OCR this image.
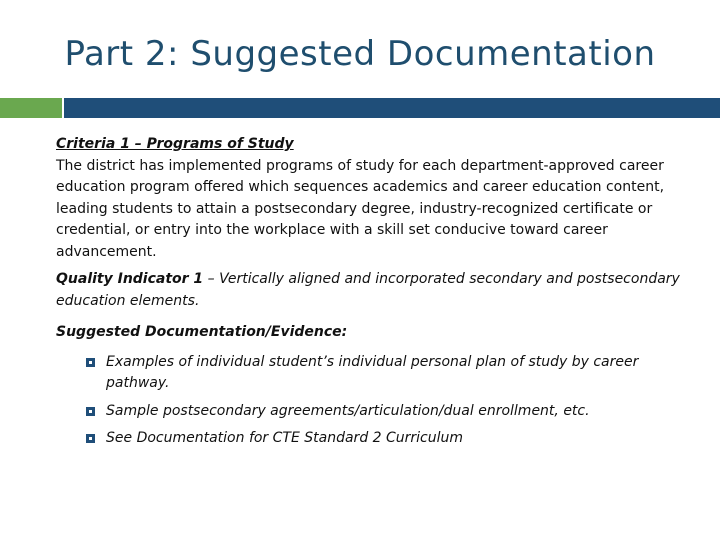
Part 2: Suggested Documentation
Criteria 1 – Programs of Study
The district has implemented programs of study for each department-approved career education program offered which sequences academics and career education content, leading students to attain a postsecondary degree, industry-recognized certificate or credential, or entry into the workplace with a skill set conducive toward career advancement.
Quality Indicator 1 – Vertically aligned and incorporated secondary and postsecondary education elements.
Suggested Documentation/Evidence:
Examples of individual student’s individual personal plan of study by career pathway.
Sample postsecondary agreements/articulation/dual enrollment, etc.
See Documentation for CTE Standard 2 Curriculum
